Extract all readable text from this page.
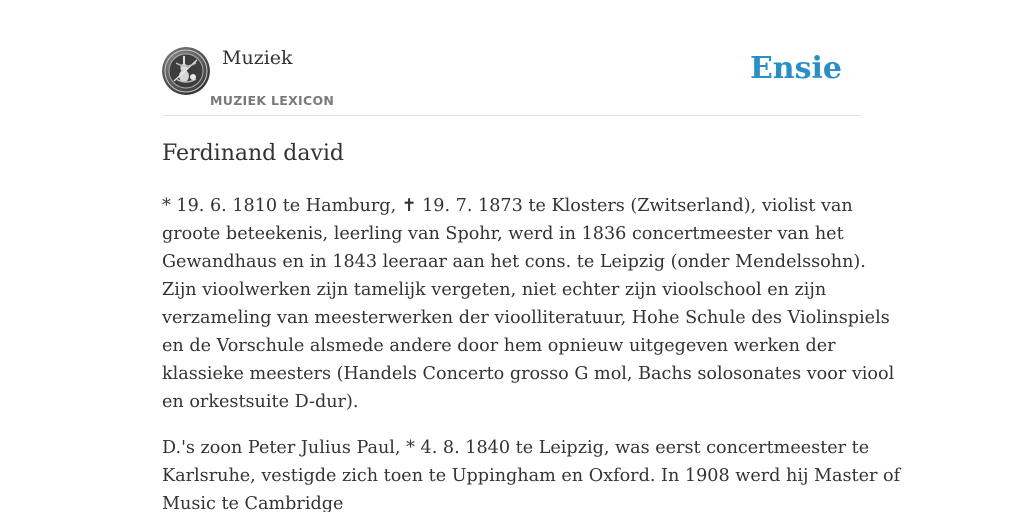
Muziek
MUZIEK LEXICON
Ensie
Ferdinand david

* 19. 6. 1810 te Hamburg, ✝ 19. 7. 1873 te Klosters (Zwitserland), violist van
groote beteekenis, leerling van Spohr, werd in 1836 concertmeester van het
Gewandhaus en in 1843 leeraar aan het cons. te Leipzig (onder Mendelssohn).
Zijn vioolwerken zijn tamelijk vergeten, niet echter zijn vioolschool en zijn
verzameling van meesterwerken der vioolliteratuur, Hohe Schule des Violinspiels
en de Vorschule alsmede andere door hem opnieuw uitgegeven werken der
klassieke meesters (Handels Concerto grosso G mol, Bachs solosonates voor viool
en orkestsuite D-dur).

D.'s zoon Peter Julius Paul, * 4. 8. 1840 te Leipzig, was eerst concertmeester te
Karlsruhe, vestigde zich toen te Uppingham en Oxford. In 1908 werd hij Master of
Music te Cambridge
